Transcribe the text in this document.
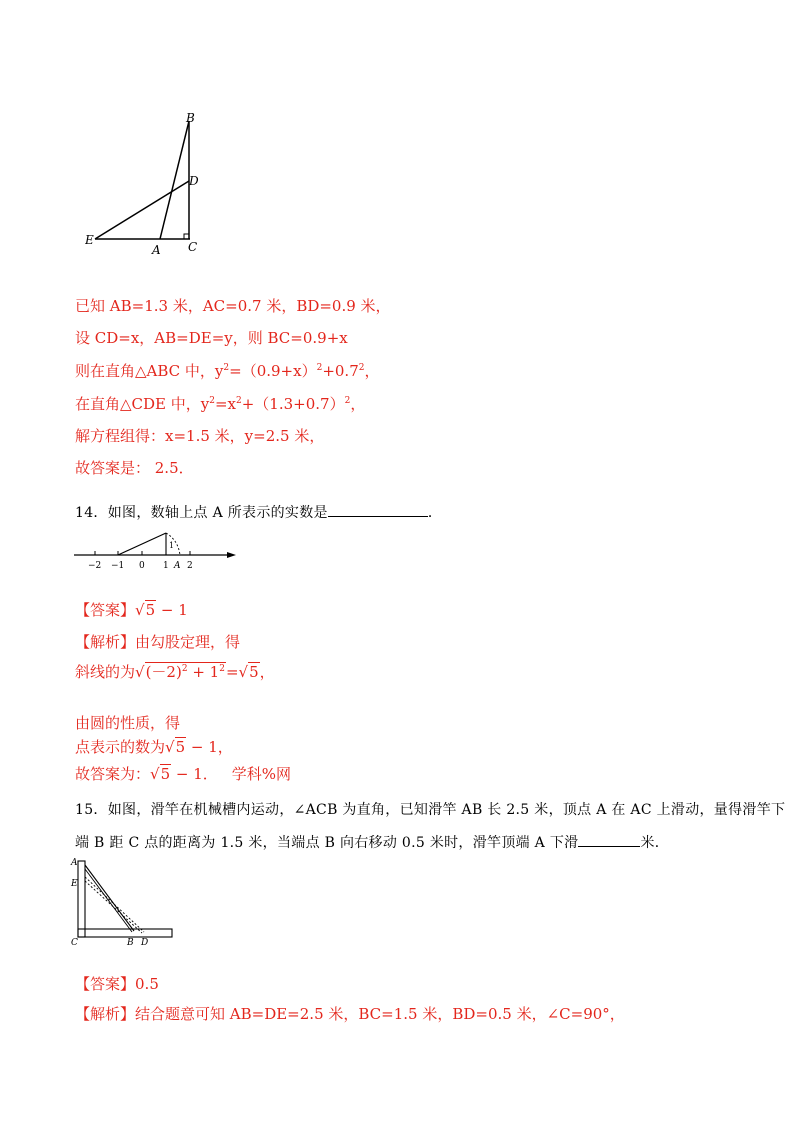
B
D
E
A C
已知 AB=1.3 米，AC=0.7 米，BD=0.9 米，
设 CD=x，AB=DE=y，则 BC=0.9+x
则在直角△ABC 中，$y^2=(0.9+x)^2+0.7^2$，
在直角△CDE 中，$y^2=x^2+(1.3+0.7)^2$，
解方程组得：x=1.5 米，y=2.5 米，
故答案是： 2.5．
14．如图，数轴上点 A 所表示的实数是	．
1
−2 −1 0 1 A 2
【答案】√5 − 1
【解析】由勾股定理，得
斜线的为$√(-2)^2 + 1^2=√5$，
由圆的性质，得
点表示的数为√5 − 1，
故答案为：√5 − 1． 学科%网
15．如图，滑竿在机械槽内运动，∠ACB 为直角，已知滑竿 AB 长 2.5 米，顶点 A 在 AC 上滑动，量得滑竿下
端 B 距 C 点的距离为 1.5 米，当端点 B 向右移动 0.5 米时，滑竿顶端 A 下滑	米．
A
E
C	B D
【答案】0.5
【解析】结合题意可知 AB=DE=2.5 米，BC=1.5 米，BD=0.5 米，∠C=90°，
